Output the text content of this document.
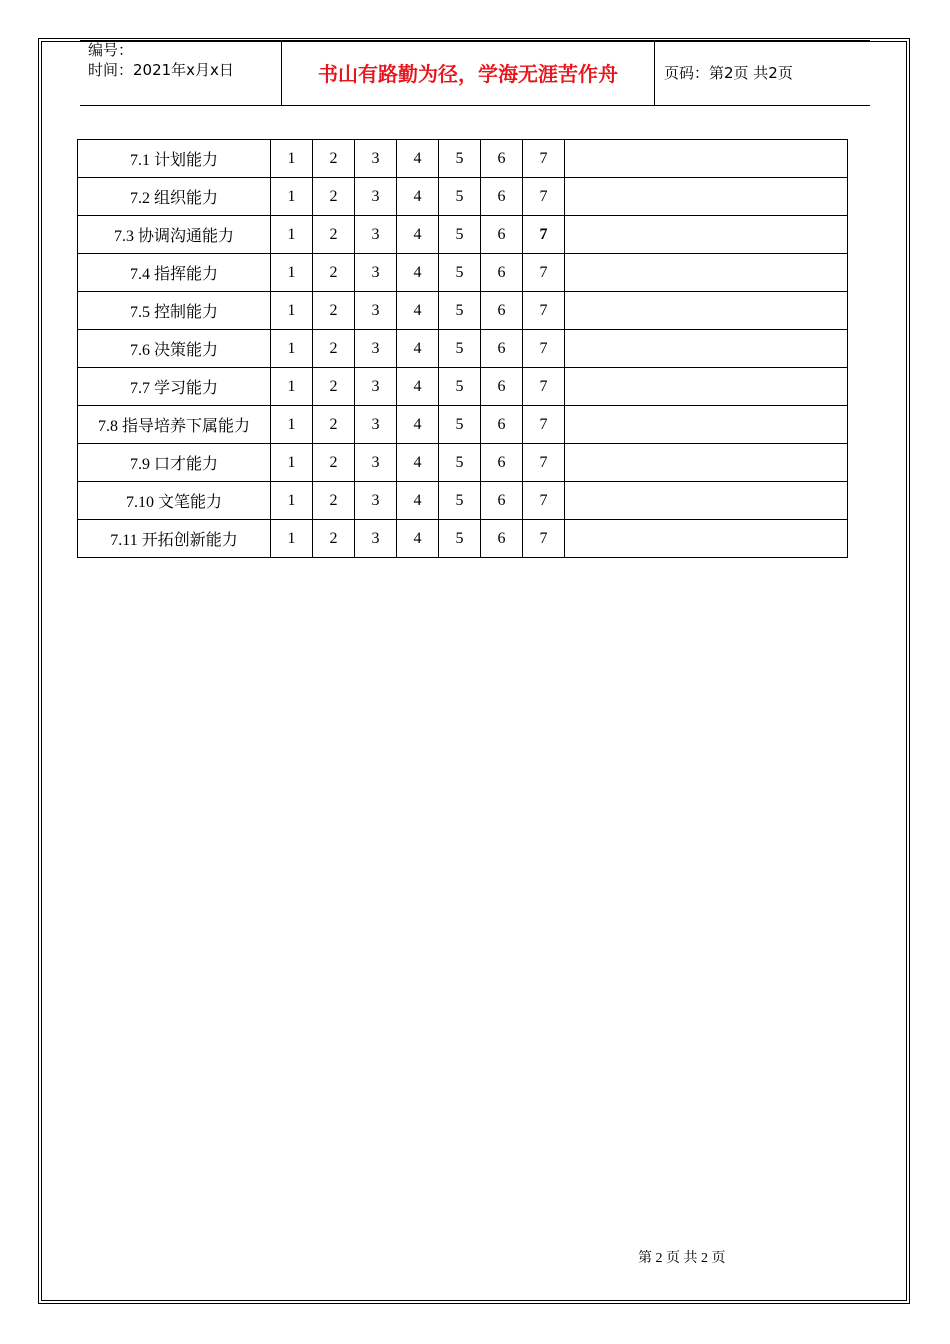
编号：
时间：2021年x月x日	书山有路勤为径，学海无涯苦作舟	页码：第2页 共2页
7.1 计划能力	1	2	3	4	5	6	7	
7.2 组织能力	1	2	3	4	5	6	7	
7.3 协调沟通能力	1	2	3	4	5	6	7	
7.4 指挥能力	1	2	3	4	5	6	7	
7.5 控制能力	1	2	3	4	5	6	7	
7.6 决策能力	1	2	3	4	5	6	7	
7.7 学习能力	1	2	3	4	5	6	7	
7.8 指导培养下属能力	1	2	3	4	5	6	7	
7.9 口才能力	1	2	3	4	5	6	7	
7.10 文笔能力	1	2	3	4	5	6	7	
7.11 开拓创新能力	1	2	3	4	5	6	7	
第 2 页 共 2 页
